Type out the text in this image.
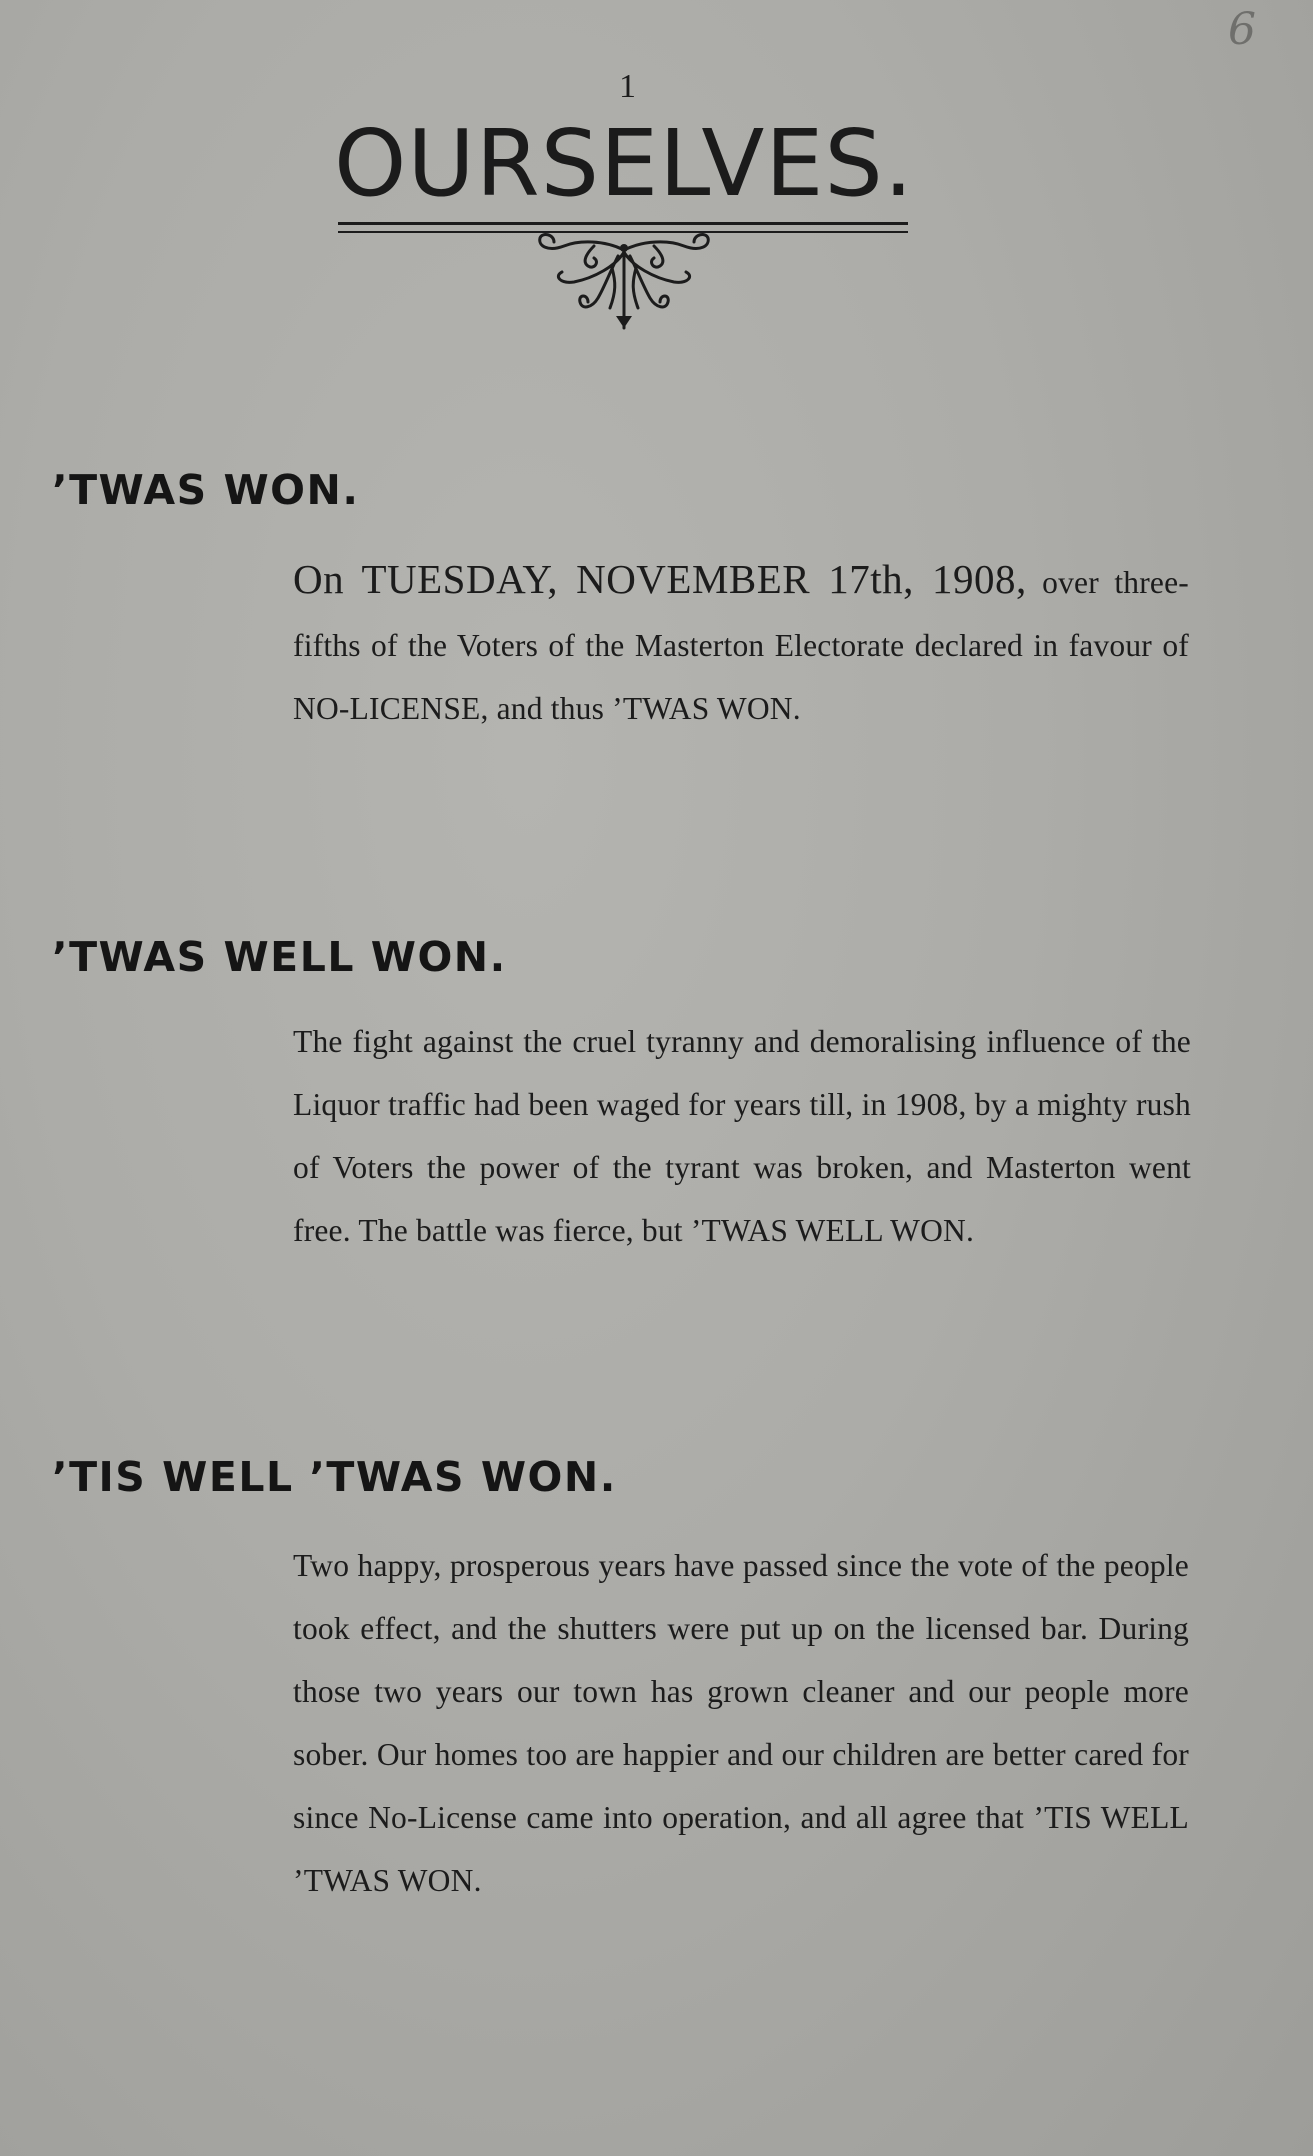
1
6
OURSELVES.
’TWAS WON.

On TUESDAY, NOVEMBER 17th, 1908, over three-fifths of the Voters of the Masterton Electorate declared in favour of NO-LICENSE, and thus ’TWAS WON.

’TWAS WELL WON.

The fight against the cruel tyranny and demoralising influence of the Liquor traffic had been waged for years till, in 1908, by a mighty rush of Voters the power of the tyrant was broken, and Masterton went free. The battle was fierce, but ’TWAS WELL WON.

’TIS WELL ’TWAS WON.

Two happy, prosperous years have passed since the vote of the people took effect, and the shutters were put up on the licensed bar. During those two years our town has grown cleaner and our people more sober. Our homes too are happier and our children are better cared for since No-License came into operation, and all agree that ’TIS WELL ’TWAS WON.
